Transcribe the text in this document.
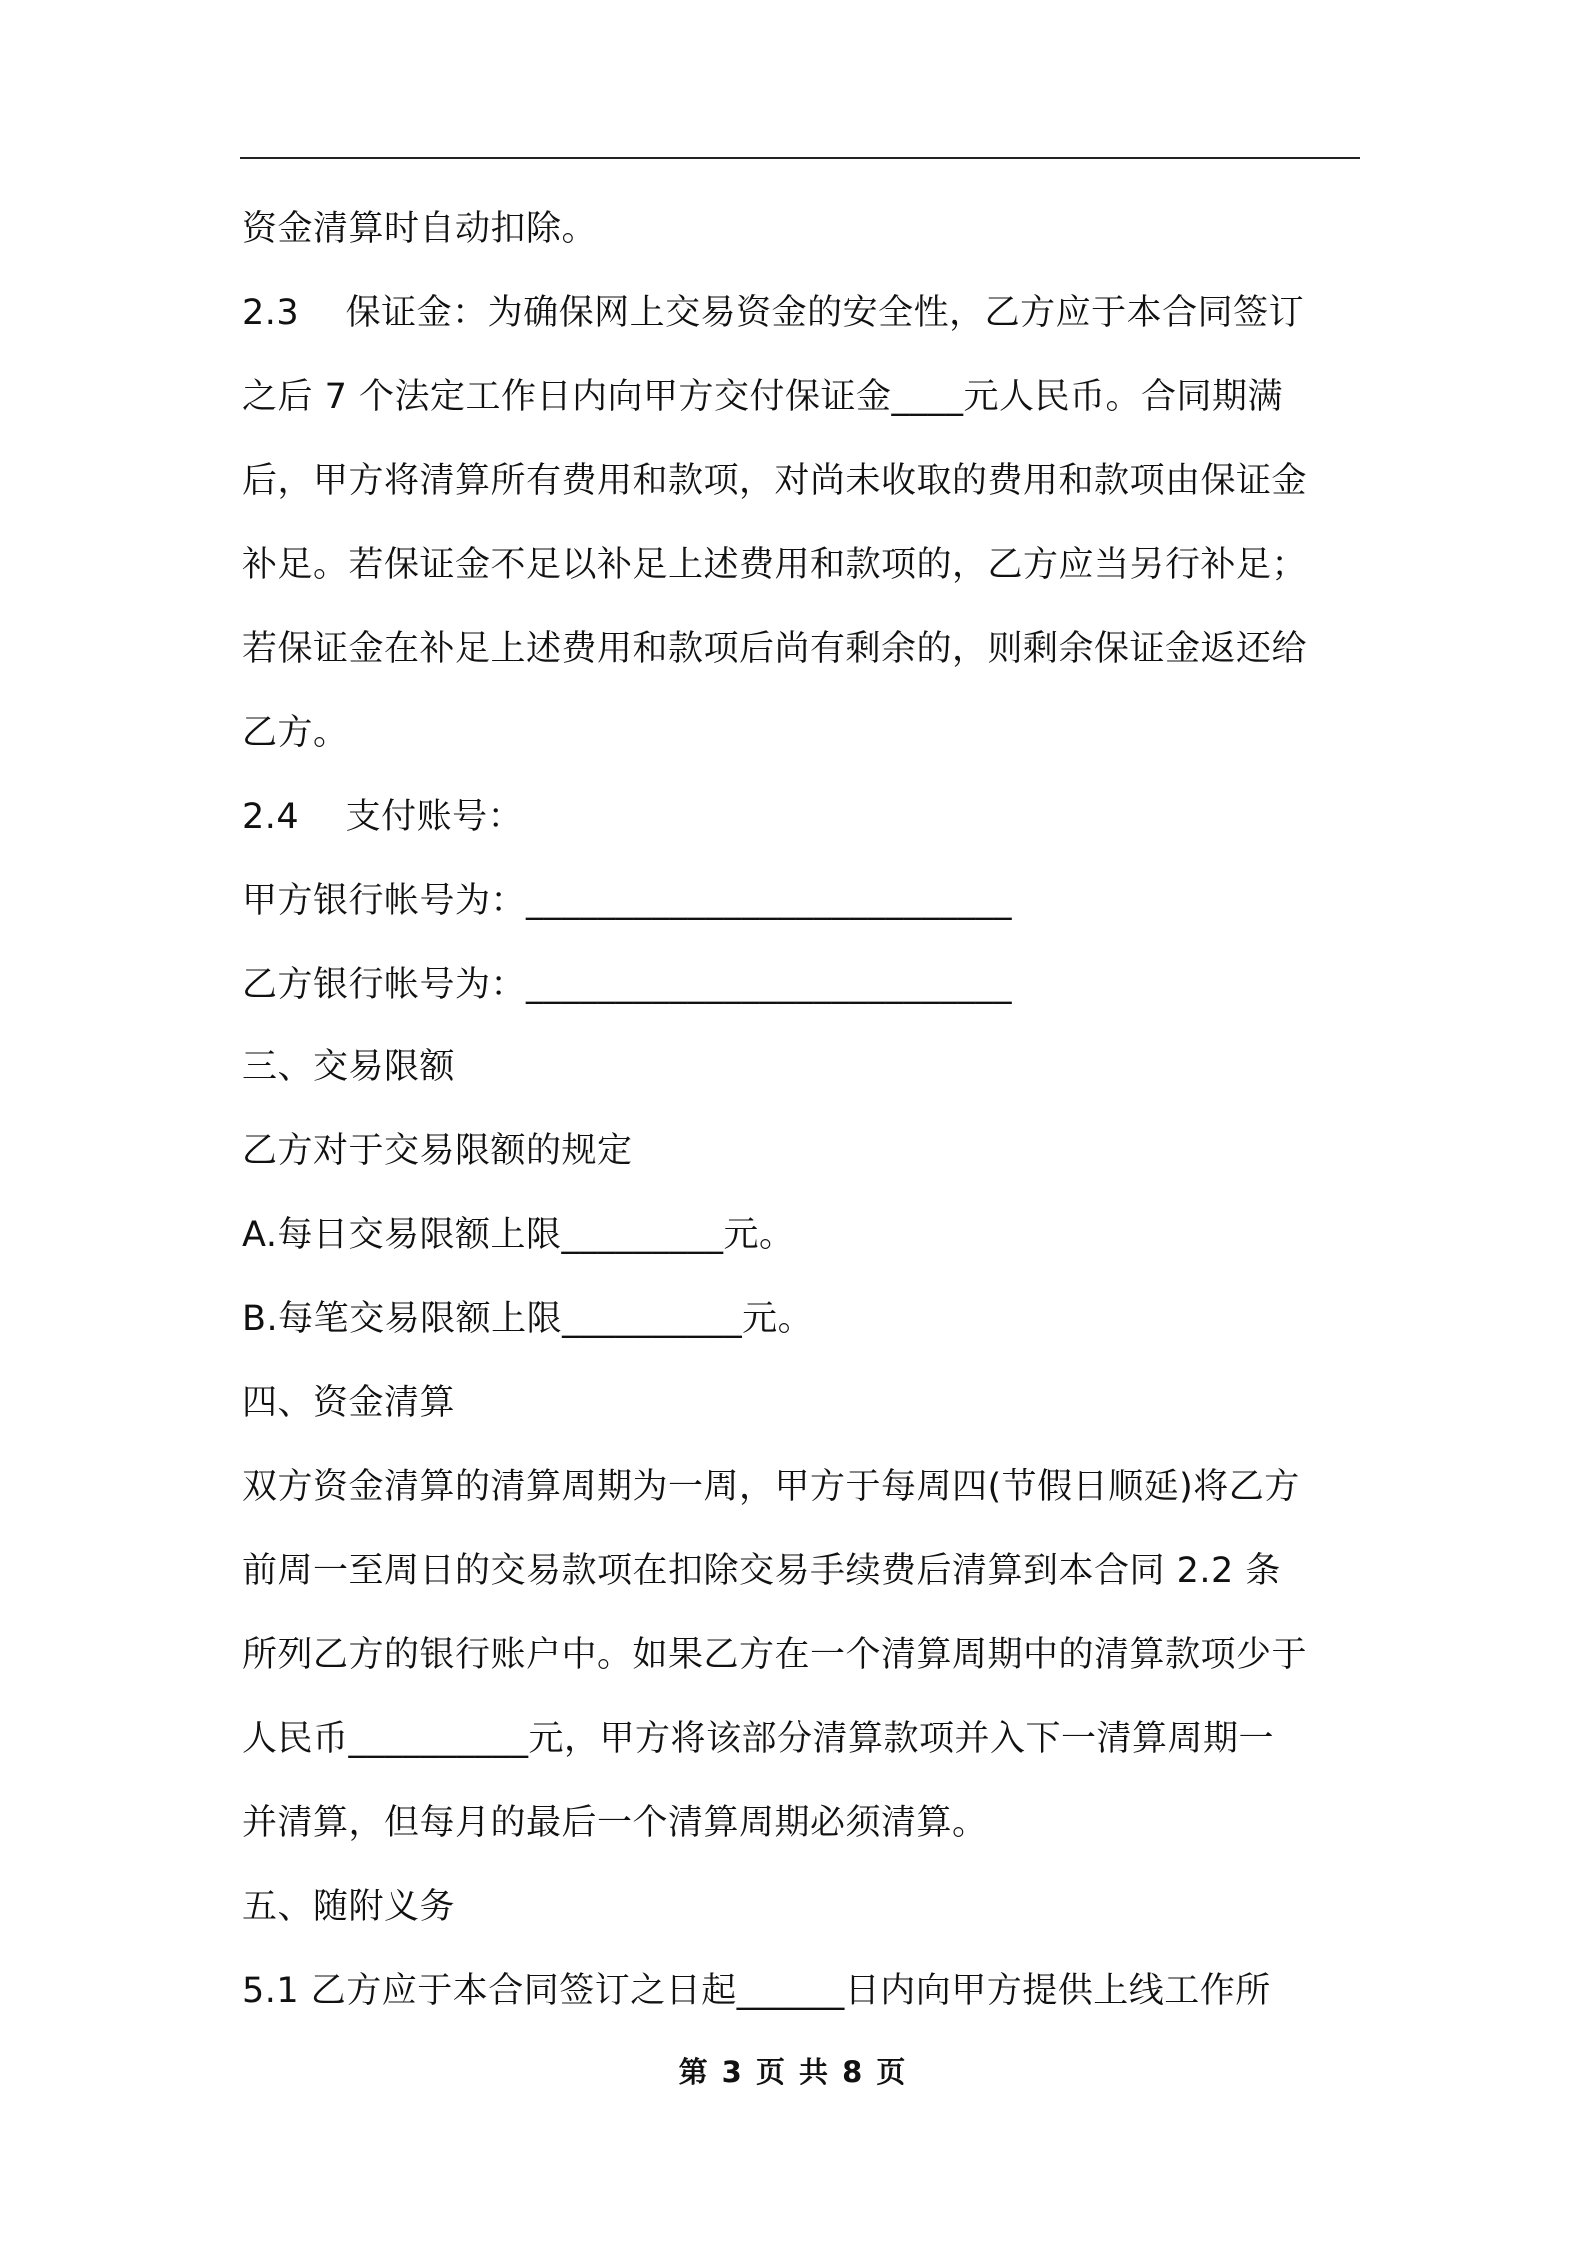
资金清算时自动扣除。
2.3    保证金：为确保网上交易资金的安全性，乙方应于本合同签订
之后 7 个法定工作日内向甲方交付保证金____元人民币。合同期满
后，甲方将清算所有费用和款项，对尚未收取的费用和款项由保证金
补足。若保证金不足以补足上述费用和款项的，乙方应当另行补足；
若保证金在补足上述费用和款项后尚有剩余的，则剩余保证金返还给
乙方。
2.4    支付账号：
甲方银行帐号为：___________________________
乙方银行帐号为：___________________________
三、交易限额
乙方对于交易限额的规定
A.每日交易限额上限_________元。
B.每笔交易限额上限__________元。
四、资金清算
双方资金清算的清算周期为一周，甲方于每周四(节假日顺延)将乙方
前周一至周日的交易款项在扣除交易手续费后清算到本合同 2.2 条
所列乙方的银行账户中。如果乙方在一个清算周期中的清算款项少于
人民币__________元，甲方将该部分清算款项并入下一清算周期一
并清算，但每月的最后一个清算周期必须清算。
五、随附义务
5.1 乙方应于本合同签订之日起______日内向甲方提供上线工作所
第 3 页 共 8 页
